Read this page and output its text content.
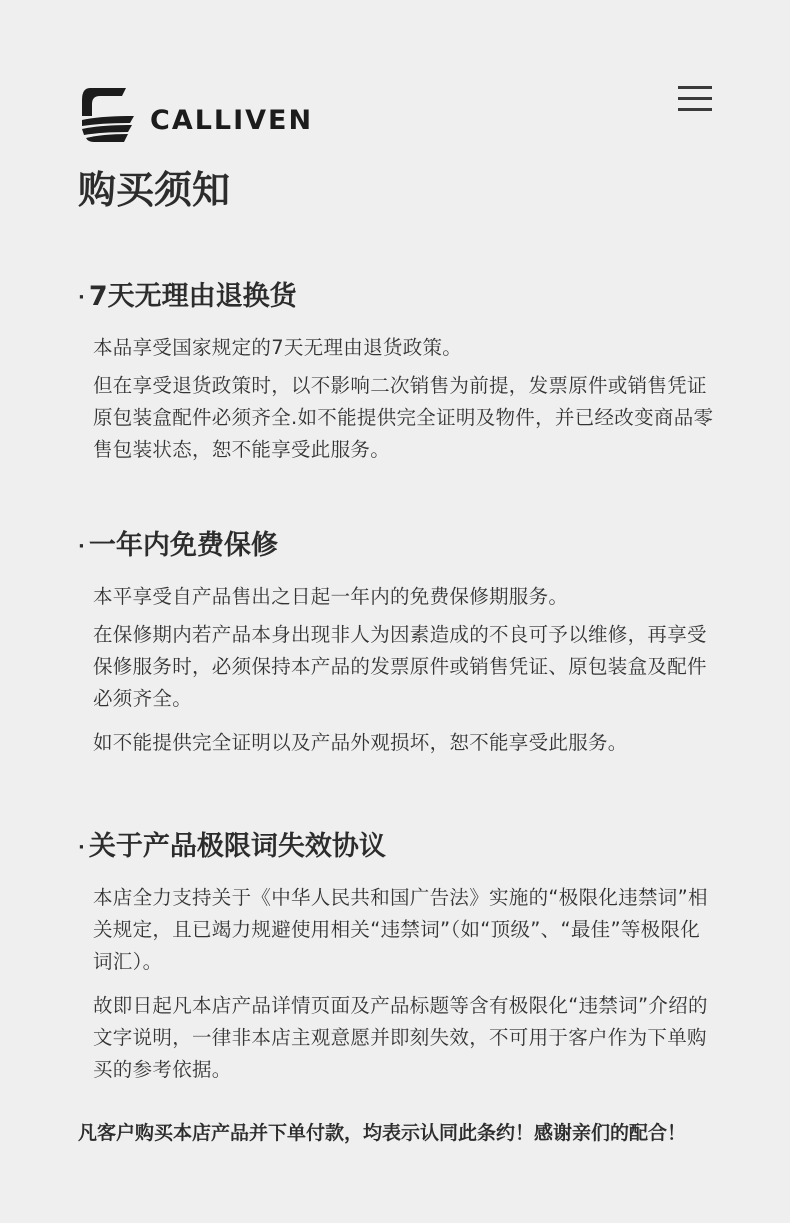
CALLIVEN
购买须知
· 7天无理由退换货

本品享受国家规定的7天无理由退货政策。

但在享受退货政策时，以不影响二次销售为前提，发票原件或销售凭证原包装盒配件必须齐全.如不能提供完全证明及物件，并已经改变商品零售包装状态，恕不能享受此服务。

· 一年内免费保修

本平享受自产品售出之日起一年内的免费保修期服务。

在保修期内若产品本身出现非人为因素造成的不良可予以维修，再享受保修服务时，必须保持本产品的发票原件或销售凭证、原包装盒及配件必须齐全。

如不能提供完全证明以及产品外观损坏，恕不能享受此服务。

· 关于产品极限词失效协议

本店全力支持关于《中华人民共和国广告法》实施的“极限化违禁词”相关规定，且已竭力规避使用相关“违禁词”（如“顶级”、“最佳”等极限化词汇）。

故即日起凡本店产品详情页面及产品标题等含有极限化“违禁词”介绍的文字说明，一律非本店主观意愿并即刻失效，不可用于客户作为下单购买的参考依据。

凡客户购买本店产品并下单付款，均表示认同此条约！感谢亲们的配合！
